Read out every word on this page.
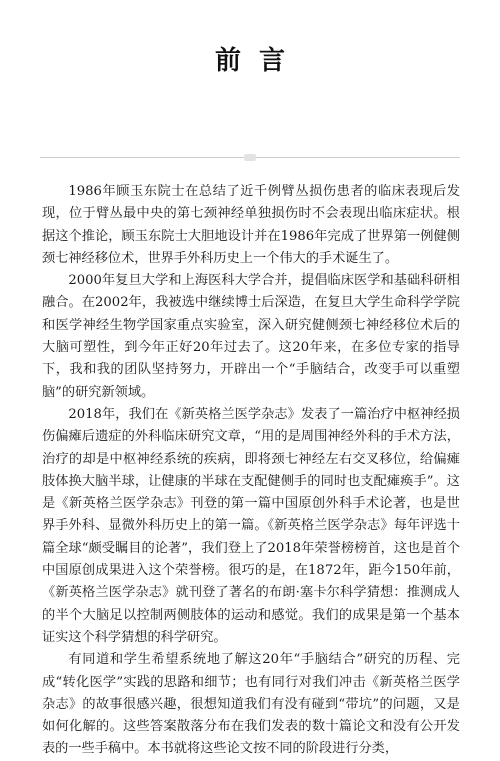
前言

1986年顾玉东院士在总结了近千例臂丛损伤患者的临床表现后发现，位于臂丛最中央的第七颈神经单独损伤时不会表现出临床症状。根据这个推论，顾玉东院士大胆地设计并在1986年完成了世界第一例健侧颈七神经移位术，世界手外科历史上一个伟大的手术诞生了。

2000年复旦大学和上海医科大学合并，提倡临床医学和基础科研相融合。在2002年，我被选中继续博士后深造，在复旦大学生命科学学院和医学神经生物学国家重点实验室，深入研究健侧颈七神经移位术后的大脑可塑性，到今年正好20年过去了。这20年来，在多位专家的指导下，我和我的团队坚持努力，开辟出一个“手脑结合，改变手可以重塑脑”的研究新领域。

2018年，我们在《新英格兰医学杂志》发表了一篇治疗中枢神经损伤偏瘫后遗症的外科临床研究文章，“用的是周围神经外科的手术方法，治疗的却是中枢神经系统的疾病，即将颈七神经左右交叉移位，给偏瘫肢体换大脑半球，让健康的半球在支配健侧手的同时也支配瘫痪手”。这是《新英格兰医学杂志》刊登的第一篇中国原创外科手术论著，也是世界手外科、显微外科历史上的第一篇。《新英格兰医学杂志》每年评选十篇全球“颇受瞩目的论著”，我们登上了2018年荣誉榜榜首，这也是首个中国原创成果进入这个荣誉榜。很巧的是，在1872年，距今150年前，《新英格兰医学杂志》就刊登了著名的布朗·塞卡尔科学猜想：推测成人的半个大脑足以控制两侧肢体的运动和感觉。我们的成果是第一个基本证实这个科学猜想的科学研究。

有同道和学生希望系统地了解这20年“手脑结合”研究的历程、完成“转化医学”实践的思路和细节；也有同行对我们冲击《新英格兰医学杂志》的故事很感兴趣，很想知道我们有没有碰到“带坑”的问题，又是如何化解的。这些答案散落分布在我们发表的数十篇论文和没有公开发表的一些手稿中。本书就将这些论文按不同的阶段进行分类，
